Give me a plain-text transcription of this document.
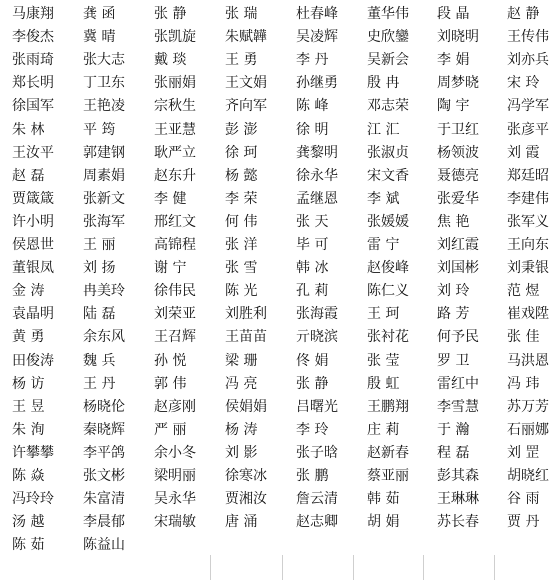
马康翔 龚 函	张 静	张 瑞	杜春峰 董华伟 段 晶	赵 静
李俊杰 冀 晴	张凯旋 朱赋韡 吴凌辉 史欣鑾 刘晓明 王传伟
张雨琦 张大志 戴 琰	王 勇	李 丹	吴新会 李 娟	刘亦兵
郑长明 丁卫东 张丽娟 王文娟 孙继勇 殷 冉	周梦晓 宋 玲
徐国军 王艳凌 宗秋生 齐向军 陈 峰	邓志荣 陶 宇	冯学军
朱 林	平 筠	王亚慧 彭 澎	徐 明	江 汇	于卫红 张彦平
王汝平 郭建钢 耿严立 徐 珂	龚黎明 张淑贞 杨领波 刘 霞
赵 磊	周素娟 赵东升 杨 懿	徐永华 宋文香 聂德亮 郑廷昭
贾箴箴 张新文 李 健	李 荣	孟继恩 李 斌	张爱华 李建伟
许小明 张海军 邢红文 何 伟	张 天	张媛媛 焦 艳	张军义
侯恩世 王 丽	高锦程 张 洋	毕 可	雷 宁	刘红霞 王向东
董银凤 刘 扬	谢 宁	张 雪	韩 冰	赵俊峰 刘国彬 刘秉银
金 涛	冉美玲 徐伟民 陈 光	孔 莉	陈仁义 刘 玲	范 煜
袁晶明 陆 磊	刘荣亚 刘胜利 张海霞 王 珂	路 芳	崔戏陞
黄 勇	余东风 王召辉 王苗苗 亓晓滨 张衬花 何予民 张 佳
田俊涛 魏 兵	孙 悦	梁 珊	佟 娟	张 莹	罗 卫	马洪恩
杨 访	王 丹	郭 伟	冯 亮	张 静	殷 虹	雷红中 冯 玮
王 昱	杨晓伦 赵彦刚 侯娟娟 吕曙光 王鹏翔 李雪慧 苏万芳
朱 洵	秦晓辉 严 丽	杨 涛	李 玲	庄 莉	于 瀚	石丽娜
许攀攀 李平鸽 余小冬 刘 影	张子晗 赵新春 程 磊	刘 罡
陈 焱	张文彬 梁明丽 徐寒冰 张 鹏	蔡亚丽 彭其森 胡晓红
冯玲玲 朱富清 吴永华 贾湘汝 詹云清 韩 茹	王琳琳 谷 雨
汤 越	李晨郁 宋瑞敏 唐 涌	赵志卿 胡 娟	苏长春 贾 丹
陈 茹	陈益山
